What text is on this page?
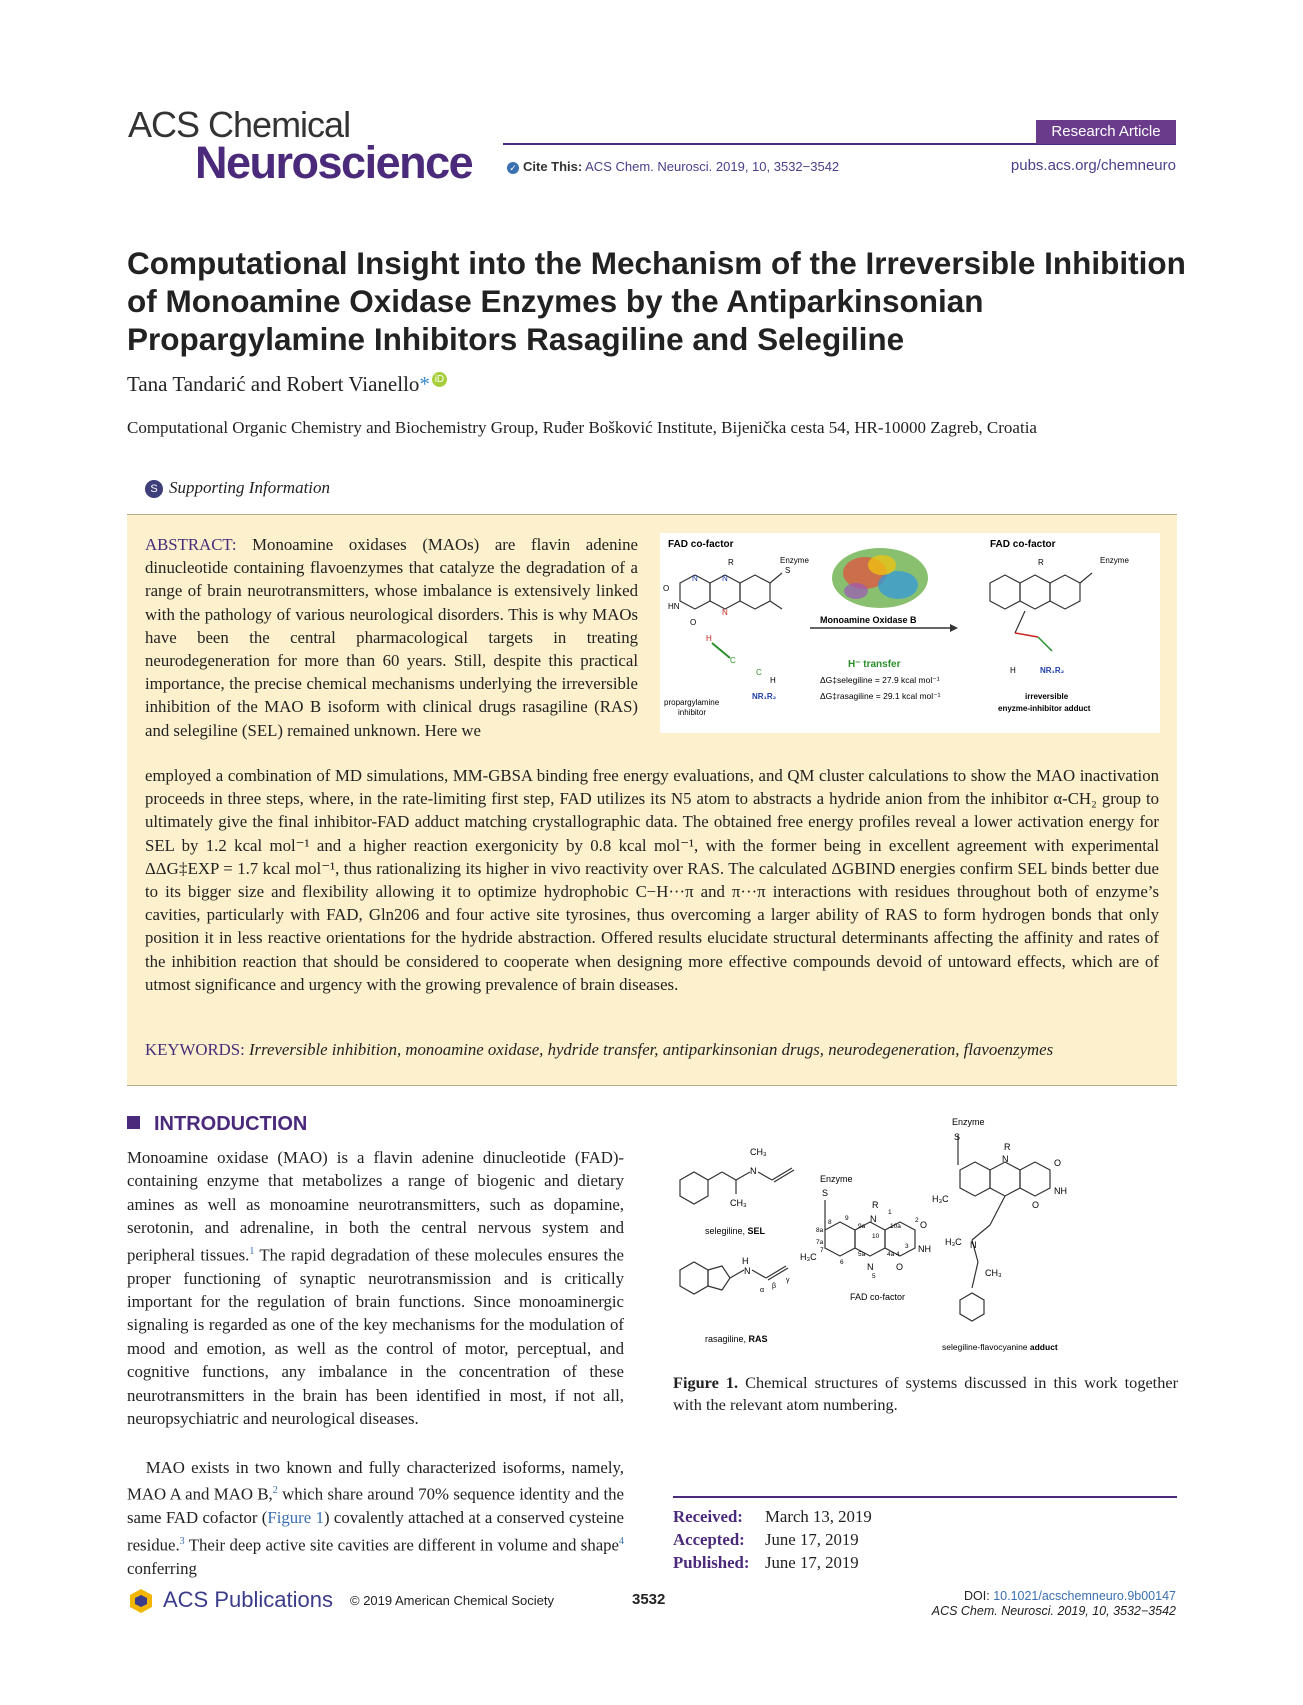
ACS Chemical
Neuroscience
Research Article
✓ Cite This: ACS Chem. Neurosci. 2019, 10, 3532−3542	pubs.acs.org/chemneuro
Computational Insight into the Mechanism of the Irreversible Inhibition of Monoamine Oxidase Enzymes by the Antiparkinsonian Propargylamine Inhibitors Rasagiline and Selegiline
Tana Tandarić and Robert Vianello* iD
Computational Organic Chemistry and Biochemistry Group, Ruđer Bošković Institute, Bijenička cesta 54, HR-10000 Zagreb, Croatia
S Supporting Information
ABSTRACT: Monoamine oxidases (MAOs) are flavin adenine dinucleotide containing flavoenzymes that catalyze the degradation of a range of brain neurotransmitters, whose imbalance is extensively linked with the pathology of various neurological disorders. This is why MAOs have been the central pharmacological targets in treating neurodegeneration for more than 60 years. Still, despite this practical importance, the precise chemical mechanisms underlying the irreversible inhibition of the MAO B isoform with clinical drugs rasagiline (RAS) and selegiline (SEL) remained unknown. Here we
employed a combination of MD simulations, MM-GBSA binding free energy evaluations, and QM cluster calculations to show the MAO inactivation proceeds in three steps, where, in the rate-limiting first step, FAD utilizes its N5 atom to abstracts a hydride anion from the inhibitor α-CH₂ group to ultimately give the final inhibitor-FAD adduct matching crystallographic data. The obtained free energy profiles reveal a lower activation energy for SEL by 1.2 kcal mol⁻¹ and a higher reaction exergonicity by 0.8 kcal mol⁻¹, with the former being in excellent agreement with experimental ΔΔG‡EXP = 1.7 kcal mol⁻¹, thus rationalizing its higher in vivo reactivity over RAS. The calculated ΔGBIND energies confirm SEL binds better due to its bigger size and flexibility allowing it to optimize hydrophobic C−H···π and π···π interactions with residues throughout both of enzyme’s cavities, particularly with FAD, Gln206 and four active site tyrosines, thus overcoming a larger ability of RAS to form hydrogen bonds that only position it in less reactive orientations for the hydride abstraction. Offered results elucidate structural determinants affecting the affinity and rates of the inhibition reaction that should be considered to cooperate when designing more effective compounds devoid of untoward effects, which are of utmost significance and urgency with the growing prevalence of brain diseases.
KEYWORDS: Irreversible inhibition, monoamine oxidase, hydride transfer, antiparkinsonian drugs, neurodegeneration, flavoenzymes
FAD co-factor	FAD co-factor
O
N	N
R
S
Enzyme
HN
O
N
H
C
C
H
NR₁R₂
propargylamine
inhibitor
Monoamine Oxidase B
H⁻ transfer
ΔG‡selegiline = 27.9 kcal mol⁻¹
ΔG‡rasagiline = 29.1 kcal mol⁻¹
R	Enzyme
H	NR₁R₂
irreversible
enyzme-inhibitor adduct
INTRODUCTION
Monoamine oxidase (MAO) is a flavin adenine dinucleotide (FAD)-containing enzyme that metabolizes a range of biogenic and dietary amines as well as monoamine neurotransmitters, such as dopamine, serotonin, and adrenaline, in both the central nervous system and peripheral tissues.$^1$ The rapid degradation of these molecules ensures the proper functioning of synaptic neurotransmission and is critically important for the regulation of brain functions. Since monoaminergic signaling is regarded as one of the key mechanisms for the modulation of mood and emotion, as well as the control of motor, perceptual, and cognitive functions, any imbalance in the concentration of these neurotransmitters in the brain has been identified in most, if not all, neuropsychiatric and neurological diseases.
MAO exists in two known and fully characterized isoforms, namely, MAO A and MAO B,$^2$ which share around 70% sequence identity and the same FAD cofactor (Figure 1) covalently attached at a conserved cysteine residue.$^3$ Their deep active site cavities are different in volume and shape$^4$ conferring
CH₃
N
CH₃
selegiline, SEL
H
N
α
β
γ
rasagiline, RAS
Enzyme
S
R
N
N
O
NH
O
H₃C
8
9
9a
1
10a
3
4
4a
5a
10
6
7
7a
8a
2
5
FAD co-factor
Enzyme
S
R
N	O
NH
O
H₃C
H₃C N
CH₃
selegiline-flavocyanine adduct
Figure 1. Chemical structures of systems discussed in this work together with the relevant atom numbering.
Received: March 13, 2019
Accepted: June 17, 2019
Published: June 17, 2019
ACS Publications © 2019 American Chemical Society	3532	DOI: 10.1021/acschemneuro.9b00147
ACS Chem. Neurosci. 2019, 10, 3532−3542
